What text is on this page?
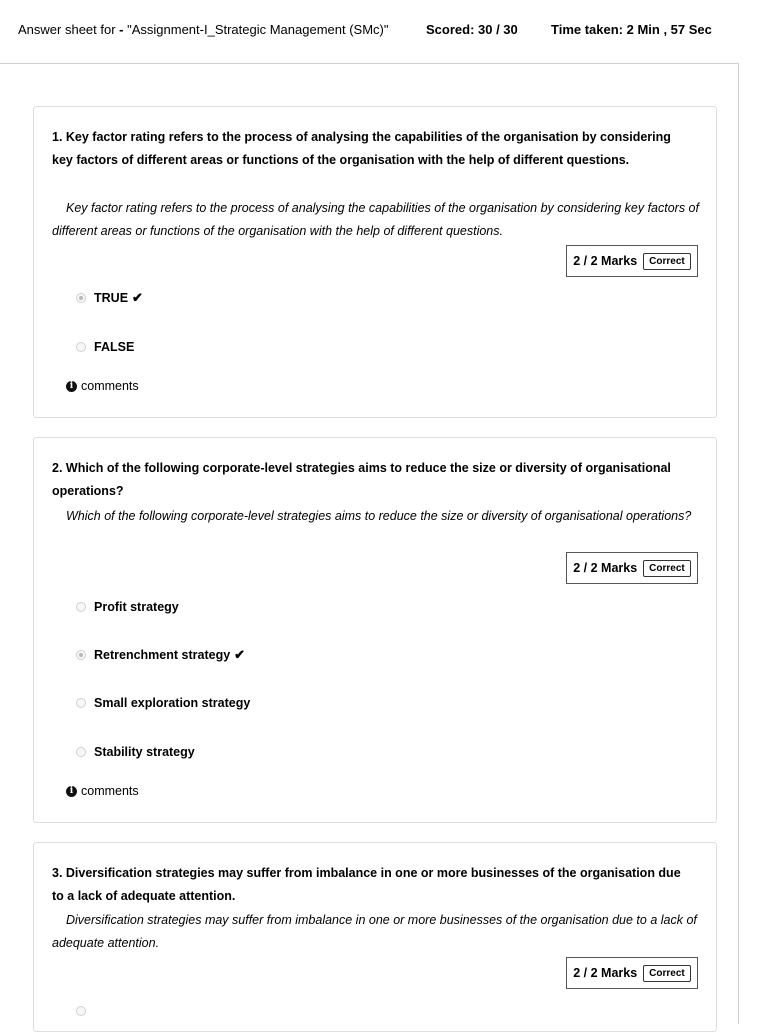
Answer sheet for - "Assignment-I_Strategic Management (SMc)"	Scored: 30 / 30	Time taken: 2 Min , 57 Sec
1. Key factor rating refers to the process of analysing the capabilities of the organisation by considering key factors of different areas or functions of the organisation with the help of different questions.
Key factor rating refers to the process of analysing the capabilities of the organisation by considering key factors of different areas or functions of the organisation with the help of different questions.
2 / 2 Marks	Correct
TRUE ✔
FALSE
i comments
2. Which of the following corporate-level strategies aims to reduce the size or diversity of organisational operations?
Which of the following corporate-level strategies aims to reduce the size or diversity of organisational operations?
2 / 2 Marks	Correct
Profit strategy
Retrenchment strategy ✔
Small exploration strategy
Stability strategy
i comments
3. Diversification strategies may suffer from imbalance in one or more businesses of the organisation due to a lack of adequate attention.
Diversification strategies may suffer from imbalance in one or more businesses of the organisation due to a lack of adequate attention.
2 / 2 Marks	Correct
